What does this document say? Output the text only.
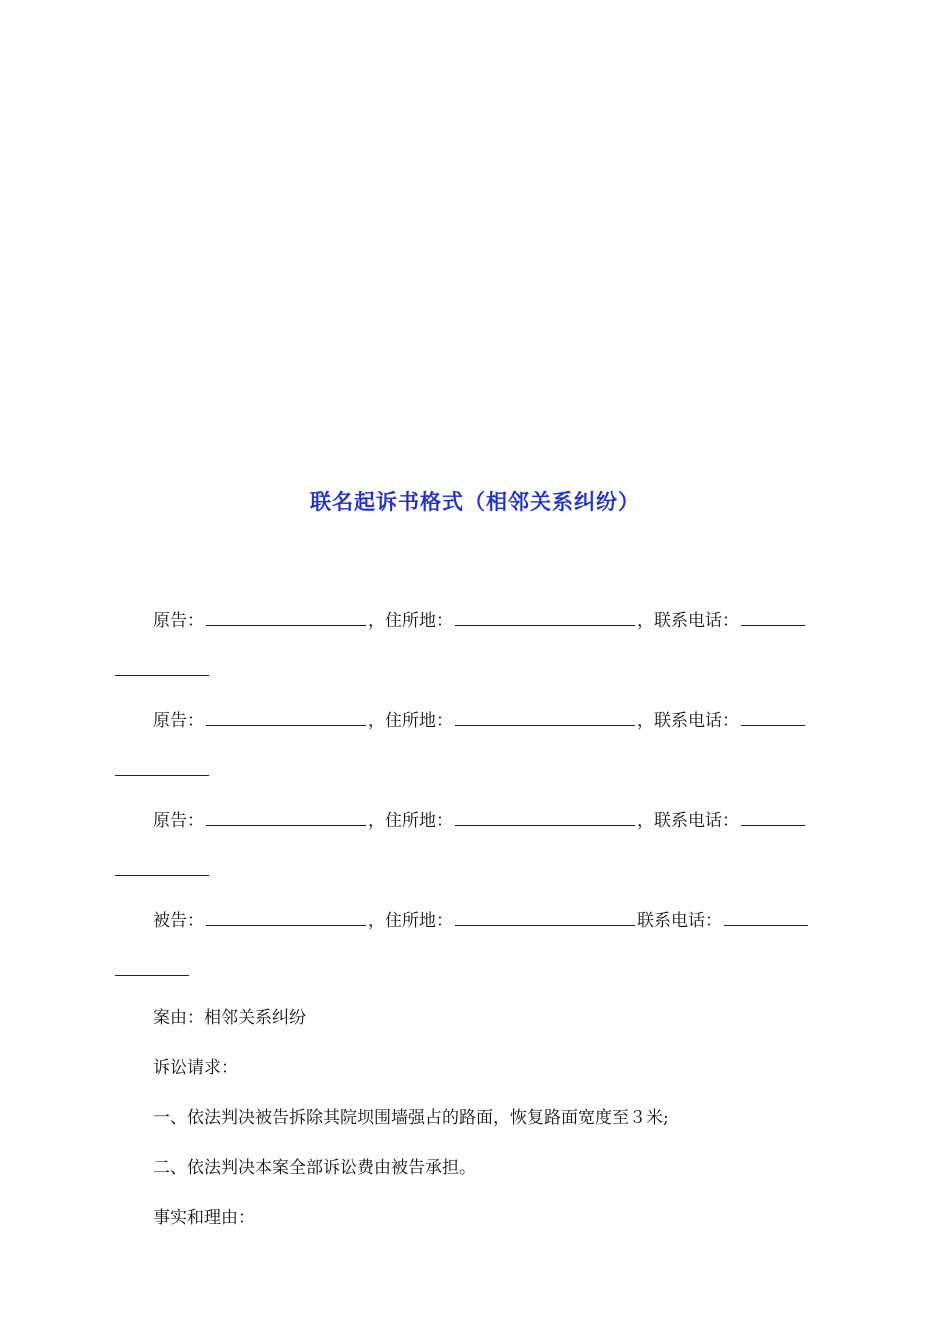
联名起诉书格式（相邻关系纠纷）
原告：	，住所地：	，联系电话：
原告：	，住所地：	，联系电话：
原告：	，住所地：	，联系电话：
被告：	，住所地：	联系电话：
案由：相邻关系纠纷
诉讼请求：
一、依法判决被告拆除其院坝围墙强占的路面，恢复路面宽度至３米;
二、依法判决本案全部诉讼费由被告承担。
事实和理由：
